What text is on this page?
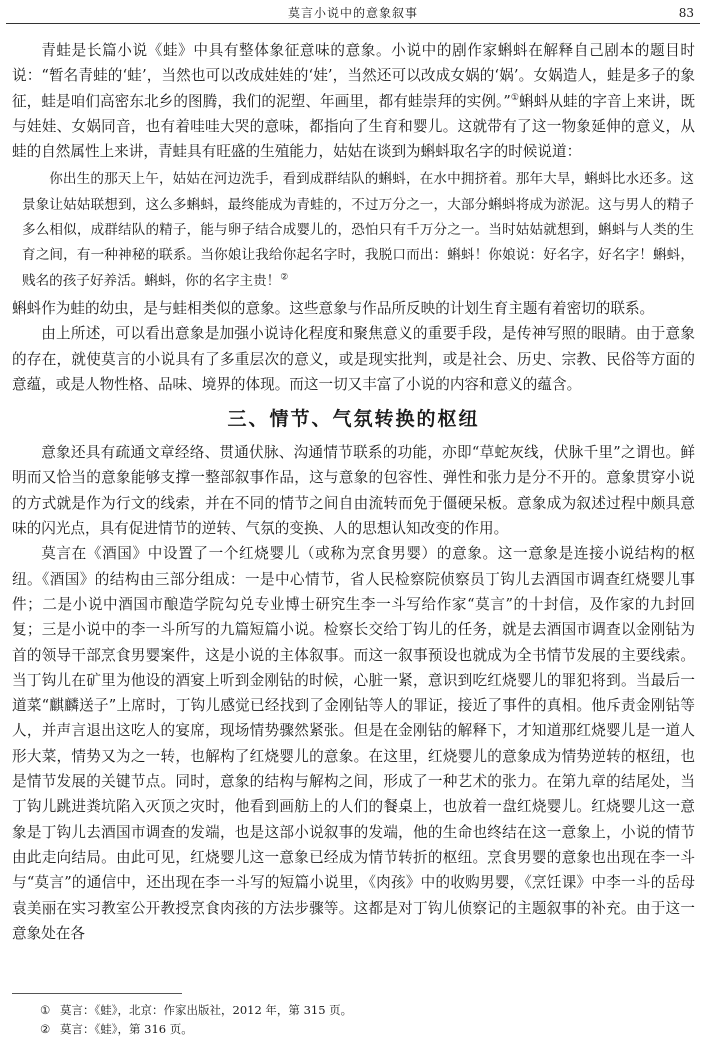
莫言小说中的意象叙事	83

青蛙是长篇小说《蛙》中具有整体象征意味的意象。小说中的剧作家蝌蚪在解释自己剧本的题目时说：“暂名青蛙的‘蛙’，当然也可以改成娃娃的‘娃’，当然还可以改成女娲的‘娲’。女娲造人，蛙是多子的象征，蛙是咱们高密东北乡的图腾，我们的泥塑、年画里，都有蛙崇拜的实例。”①蝌蚪从蛙的字音上来讲，既与娃娃、女娲同音，也有着哇哇大哭的意味，都指向了生育和婴儿。这就带有了这一物象延伸的意义，从蛙的自然属性上来讲，青蛙具有旺盛的生殖能力，姑姑在谈到为蝌蚪取名字的时候说道：

你出生的那天上午，姑姑在河边洗手，看到成群结队的蝌蚪，在水中拥挤着。那年大旱，蝌蚪比水还多。这景象让姑姑联想到，这么多蝌蚪，最终能成为青蛙的，不过万分之一，大部分蝌蚪将成为淤泥。这与男人的精子多么相似，成群结队的精子，能与卵子结合成婴儿的，恐怕只有千万分之一。当时姑姑就想到，蝌蚪与人类的生育之间，有一种神秘的联系。当你娘让我给你起名字时，我脱口而出：蝌蚪！你娘说：好名字，好名字！蝌蚪，贱名的孩子好养活。蝌蚪，你的名字主贵！②

蝌蚪作为蛙的幼虫，是与蛙相类似的意象。这些意象与作品所反映的计划生育主题有着密切的联系。

由上所述，可以看出意象是加强小说诗化程度和聚焦意义的重要手段，是传神写照的眼睛。由于意象的存在，就使莫言的小说具有了多重层次的意义，或是现实批判，或是社会、历史、宗教、民俗等方面的意蕴，或是人物性格、品味、境界的体现。而这一切又丰富了小说的内容和意义的蕴含。

三、情节、气氛转换的枢纽

意象还具有疏通文章经络、贯通伏脉、沟通情节联系的功能，亦即“草蛇灰线，伏脉千里”之谓也。鲜明而又恰当的意象能够支撑一整部叙事作品，这与意象的包容性、弹性和张力是分不开的。意象贯穿小说的方式就是作为行文的线索，并在不同的情节之间自由流转而免于僵硬呆板。意象成为叙述过程中颇具意味的闪光点，具有促进情节的逆转、气氛的变换、人的思想认知改变的作用。

莫言在《酒国》中设置了一个红烧婴儿（或称为烹食男婴）的意象。这一意象是连接小说结构的枢纽。《酒国》的结构由三部分组成：一是中心情节，省人民检察院侦察员丁钩儿去酒国市调查红烧婴儿事件；二是小说中酒国市酿造学院勾兑专业博士研究生李一斗写给作家“莫言”的十封信，及作家的九封回复；三是小说中的李一斗所写的九篇短篇小说。检察长交给丁钩儿的任务，就是去酒国市调查以金刚钻为首的领导干部烹食男婴案件，这是小说的主体叙事。而这一叙事预设也就成为全书情节发展的主要线索。当丁钩儿在矿里为他设的酒宴上听到金刚钻的时候，心脏一紧，意识到吃红烧婴儿的罪犯将到。当最后一道菜“麒麟送子”上席时，丁钩儿感觉已经找到了金刚钻等人的罪证，接近了事件的真相。他斥责金刚钻等人，并声言退出这吃人的宴席，现场情势骤然紧张。但是在金刚钻的解释下，才知道那红烧婴儿是一道人形大菜，情势又为之一转，也解构了红烧婴儿的意象。在这里，红烧婴儿的意象成为情势逆转的枢纽，也是情节发展的关键节点。同时，意象的结构与解构之间，形成了一种艺术的张力。在第九章的结尾处，当丁钩儿跳进粪坑陷入灭顶之灾时，他看到画舫上的人们的餐桌上，也放着一盘红烧婴儿。红烧婴儿这一意象是丁钩儿去酒国市调查的发端，也是这部小说叙事的发端，他的生命也终结在这一意象上，小说的情节由此走向结局。由此可见，红烧婴儿这一意象已经成为情节转折的枢纽。烹食男婴的意象也出现在李一斗与“莫言”的通信中，还出现在李一斗写的短篇小说里，《肉孩》中的收购男婴，《烹饪课》中李一斗的岳母袁美丽在实习教室公开教授烹食肉孩的方法步骤等。这都是对丁钩儿侦察记的主题叙事的补充。由于这一意象处在各

① 莫言：《蛙》，北京：作家出版社，2012 年，第 315 页。
② 莫言：《蛙》，第 316 页。
